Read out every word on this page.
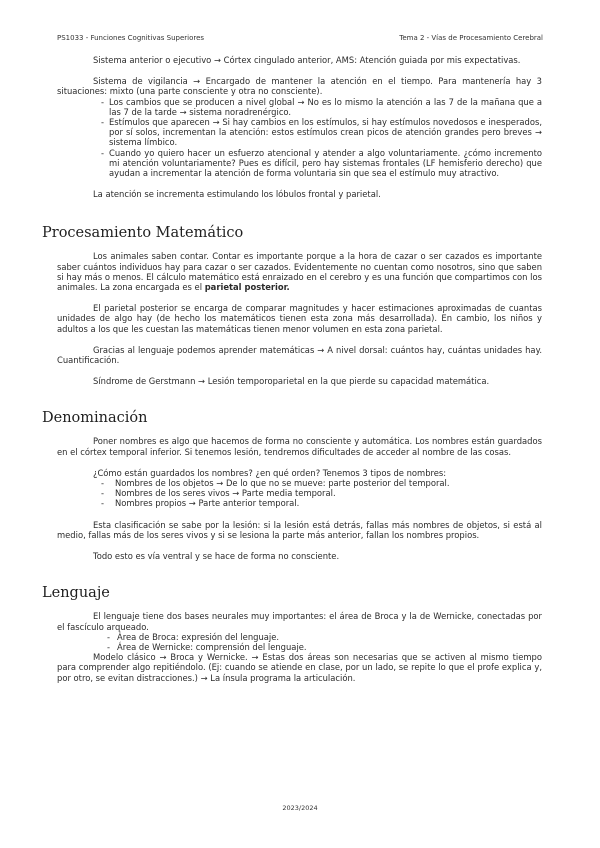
PS1033 - Funciones Cognitivas Superiores	Tema 2 - Vías de Procesamiento Cerebral

Sistema anterior o ejecutivo → Córtex cingulado anterior, AMS: Atención guiada por mis expectativas.

Sistema de vigilancia → Encargado de mantener la atención en el tiempo. Para mantenería hay 3 situaciones: mixto (una parte consciente y otra no consciente).

- Los cambios que se producen a nivel global → No es lo mismo la atención a las 7 de la mañana que a las 7 de la tarde → sistema noradrenérgico.
- Estímulos que aparecen → Si hay cambios en los estímulos, si hay estímulos novedosos e inesperados, por sí solos, incrementan la atención: estos estímulos crean picos de atención grandes pero breves → sistema límbico.
- Cuando yo quiero hacer un esfuerzo atencional y atender a algo voluntariamente. ¿cómo incremento mi atención voluntariamente? Pues es difícil, pero hay sistemas frontales (LF hemisferio derecho) que ayudan a incrementar la atención de forma voluntaria sin que sea el estímulo muy atractivo.

La atención se incrementa estimulando los lóbulos frontal y parietal.

Procesamiento Matemático

Los animales saben contar. Contar es importante porque a la hora de cazar o ser cazados es importante saber cuántos individuos hay para cazar o ser cazados. Evidentemente no cuentan como nosotros, sino que saben si hay más o menos. El cálculo matemático está enraizado en el cerebro y es una función que compartimos con los animales. La zona encargada es el parietal posterior.

El parietal posterior se encarga de comparar magnitudes y hacer estimaciones aproximadas de cuantas unidades de algo hay (de hecho los matemáticos tienen esta zona más desarrollada). En cambio, los niños y adultos a los que les cuestan las matemáticas tienen menor volumen en esta zona parietal.

Gracias al lenguaje podemos aprender matemáticas → A nivel dorsal: cuántos hay, cuántas unidades hay. Cuantificación.

Síndrome de Gerstmann → Lesión temporoparietal en la que pierde su capacidad matemática.

Denominación

Poner nombres es algo que hacemos de forma no consciente y automática. Los nombres están guardados en el córtex temporal inferior. Si tenemos lesión, tendremos dificultades de acceder al nombre de las cosas.

¿Cómo están guardados los nombres? ¿en qué orden? Tenemos 3 tipos de nombres:

- Nombres de los objetos → De lo que no se mueve: parte posterior del temporal.
- Nombres de los seres vivos → Parte media temporal.
- Nombres propios → Parte anterior temporal.

Esta clasificación se sabe por la lesión: si la lesión está detrás, fallas más nombres de objetos, si está al medio, fallas más de los seres vivos y si se lesiona la parte más anterior, fallan los nombres propios.

Todo esto es vía ventral y se hace de forma no consciente.

Lenguaje

El lenguaje tiene dos bases neurales muy importantes: el área de Broca y la de Wernicke, conectadas por el fascículo arqueado.

- Área de Broca: expresión del lenguaje.
- Área de Wernicke: comprensión del lenguaje.

Modelo clásico → Broca y Wernicke. → Estas dos áreas son necesarias que se activen al mismo tiempo para comprender algo repitiéndolo. (Ej: cuando se atiende en clase, por un lado, se repite lo que el profe explica y, por otro, se evitan distracciones.) → La ínsula programa la articulación.

2023/2024
